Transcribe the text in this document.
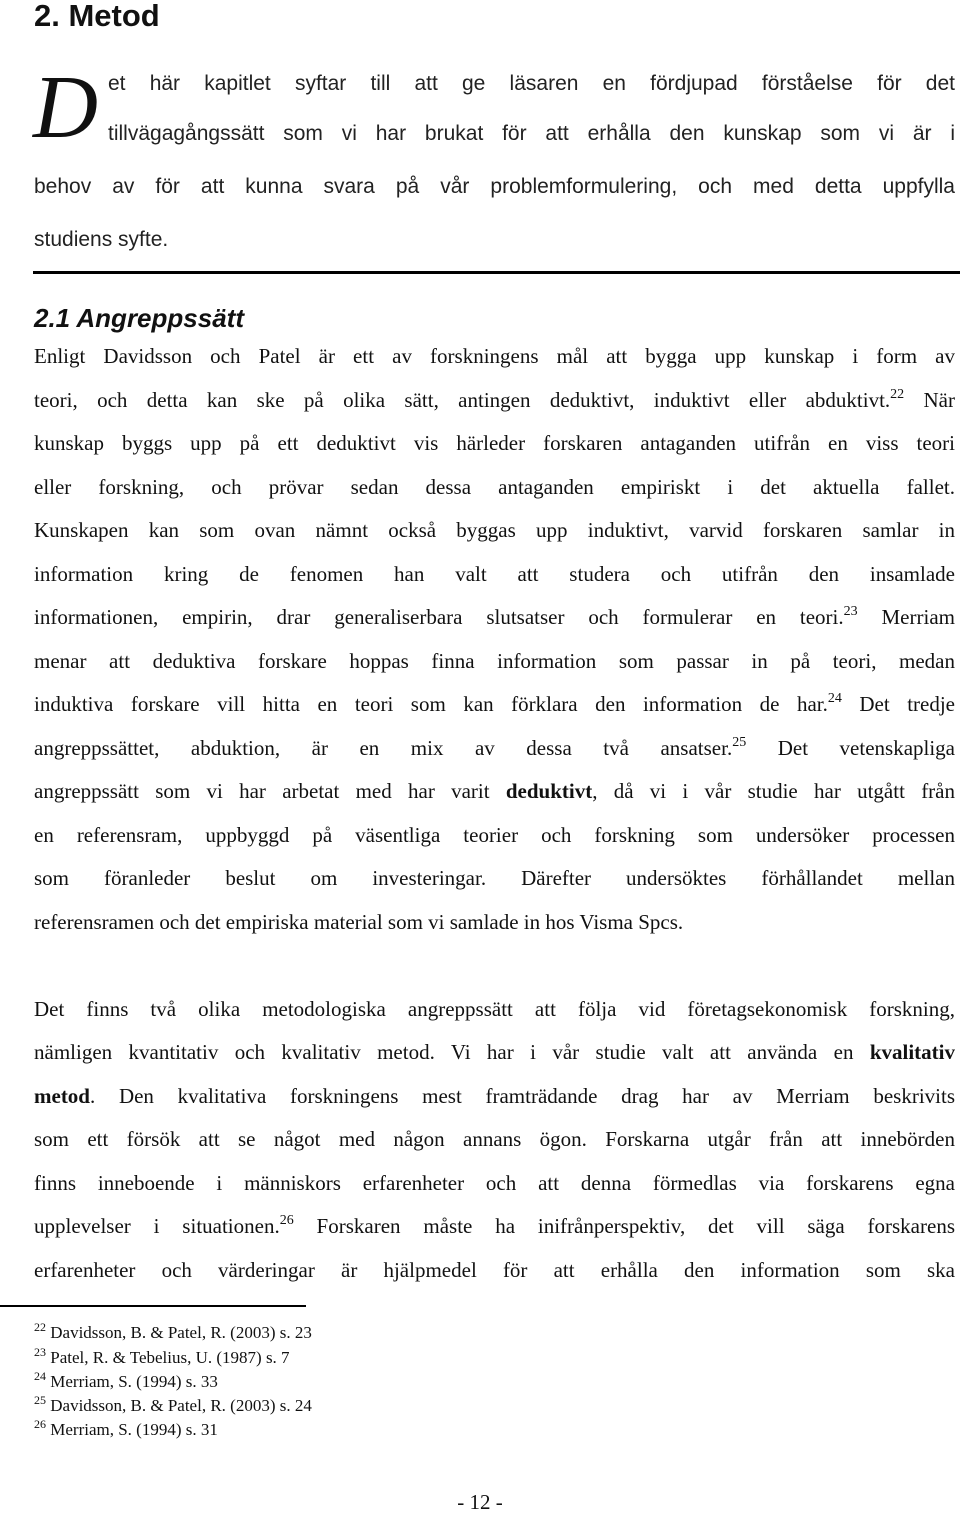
2. Metod
D et här kapitlet syftar till att ge läsaren en fördjupad förståelse för det
tillvägagångssätt som vi har brukat för att erhålla den kunskap som vi är i
behov av för att kunna svara på vår problemformulering, och med detta uppfylla
studiens syfte.
2.1 Angreppssätt
Enligt Davidsson och Patel är ett av forskningens mål att bygga upp kunskap i form av
teori, och detta kan ske på olika sätt, antingen deduktivt, induktivt eller abduktivt.$^{22}$ När
kunskap byggs upp på ett deduktivt vis härleder forskaren antaganden utifrån en viss teori
eller forskning, och prövar sedan dessa antaganden empiriskt i det aktuella fallet.
Kunskapen kan som ovan nämnt också byggas upp induktivt, varvid forskaren samlar in
information kring de fenomen han valt att studera och utifrån den insamlade
informationen, empirin, drar generaliserbara slutsatser och formulerar en teori.$^{23}$ Merriam
menar att deduktiva forskare hoppas finna information som passar in på teori, medan
induktiva forskare vill hitta en teori som kan förklara den information de har.$^{24}$ Det tredje
angreppssättet, abduktion, är en mix av dessa två ansatser.$^{25}$ Det vetenskapliga
angreppssätt som vi har arbetat med har varit deduktivt, då vi i vår studie har utgått från
en referensram, uppbyggd på väsentliga teorier och forskning som undersöker processen
som föranleder beslut om investeringar. Därefter undersöktes förhållandet mellan
referensramen och det empiriska material som vi samlade in hos Visma Spcs.
Det finns två olika metodologiska angreppssätt att följa vid företagsekonomisk forskning,
nämligen kvantitativ och kvalitativ metod. Vi har i vår studie valt att använda en kvalitativ
metod. Den kvalitativa forskningens mest framträdande drag har av Merriam beskrivits
som ett försök att se något med någon annans ögon. Forskarna utgår från att innebörden
finns inneboende i människors erfarenheter och att denna förmedlas via forskarens egna
upplevelser i situationen.$^{26}$ Forskaren måste ha inifrånperspektiv, det vill säga forskarens
erfarenheter och värderingar är hjälpmedel för att erhålla den information som ska
$^{22}$ Davidsson, B. & Patel, R. (2003) s. 23
$^{23}$ Patel, R. & Tebelius, U. (1987) s. 7
$^{24}$ Merriam, S. (1994) s. 33
$^{25}$ Davidsson, B. & Patel, R. (2003) s. 24
$^{26}$ Merriam, S. (1994) s. 31
- 12 -
